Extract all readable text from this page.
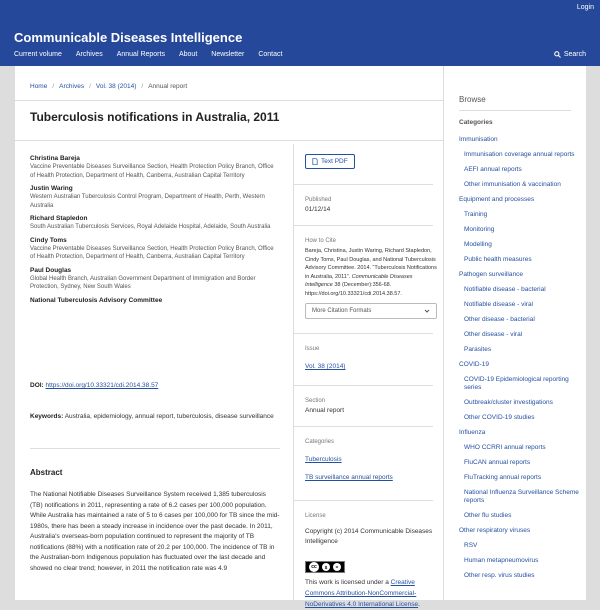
Login
Communicable Diseases Intelligence
Current volume Archives Annual Reports About Newsletter Contact	Search
Home / Archives / Vol. 38 (2014) / Annual report
Tuberculosis notifications in Australia, 2011
Christina Bareja
Vaccine Preventable Diseases Surveillance Section, Health Protection Policy Branch, Office of Health Protection, Department of Health, Canberra, Australian Capital Territory
Justin Waring
Western Australian Tuberculosis Control Program, Department of Health, Perth, Western Australia
Richard Stapledon
South Australian Tuberculosis Services, Royal Adelaide Hospital, Adelaide, South Australia
Cindy Toms
Vaccine Preventable Diseases Surveillance Section, Health Protection Policy Branch, Office of Health Protection, Department of Health, Canberra, Australian Capital Territory
Paul Douglas
Global Health Branch, Australian Government Department of Immigration and Border Protection, Sydney, New South Wales
National Tuberculosis Advisory Committee
DOI: https://doi.org/10.33321/cdi.2014.38.57
Keywords: Australia, epidemiology, annual report, tuberculosis, disease surveillance
Abstract

The National Notifiable Diseases Surveillance System received 1,385 tuberculosis (TB) notifications in 2011, representing a rate of 6.2 cases per 100,000 population. While Australia has maintained a rate of 5 to 6 cases per 100,000 for TB since the mid-1980s, there has been a steady increase in incidence over the past decade. In 2011, Australia's overseas-born population continued to represent the majority of TB notifications (88%) with a notification rate of 20.2 per 100,000. The incidence of TB in the Australian-born Indigenous population has fluctuated over the last decade and showed no clear trend; however, in 2011 the notification rate was 4.9

Text PDF
Published
01/12/14
How to Cite
Bareja, Christina, Justin Waring, Richard Stapledon, Cindy Toms, Paul Douglas, and National Tuberculosis Advisory Committee. 2014. “Tuberculosis Notifications in Australia, 2011”. Communicable Diseases Intelligence 38 (December):356-68. https://doi.org/10.33321/cdi.2014.38.57.
More Citation Formats
Issue
Vol. 38 (2014)
Section
Annual report
Categories
Tuberculosis
TB surveillance annual reports
License
Copyright (c) 2014 Communicable Diseases Intelligence
cc	$	=
This work is licensed under a Creative Commons Attribution-NonCommercial-NoDerivatives 4.0 International License.
Browse
Categories
Immunisation
Immunisation coverage annual reports
AEFI annual reports
Other immunisation & vaccination
Equipment and processes
Training
Monitoring
Modelling
Public health measures
Pathogen surveillance
Notifiable disease - bacterial
Notifiable disease - viral
Other disease - bacterial
Other disease - viral
Parasites
COVID-19
COVID-19 Epidemiological reporting series
Outbreak/cluster investigations
Other COVID-19 studies
Influenza
WHO CCRRI annual reports
FluCAN annual reports
FluTracking annual reports
National Influenza Surveillance Scheme reports
Other flu studies
Other respiratory viruses
RSV
Human metapneumovirus
Other resp. virus studies
